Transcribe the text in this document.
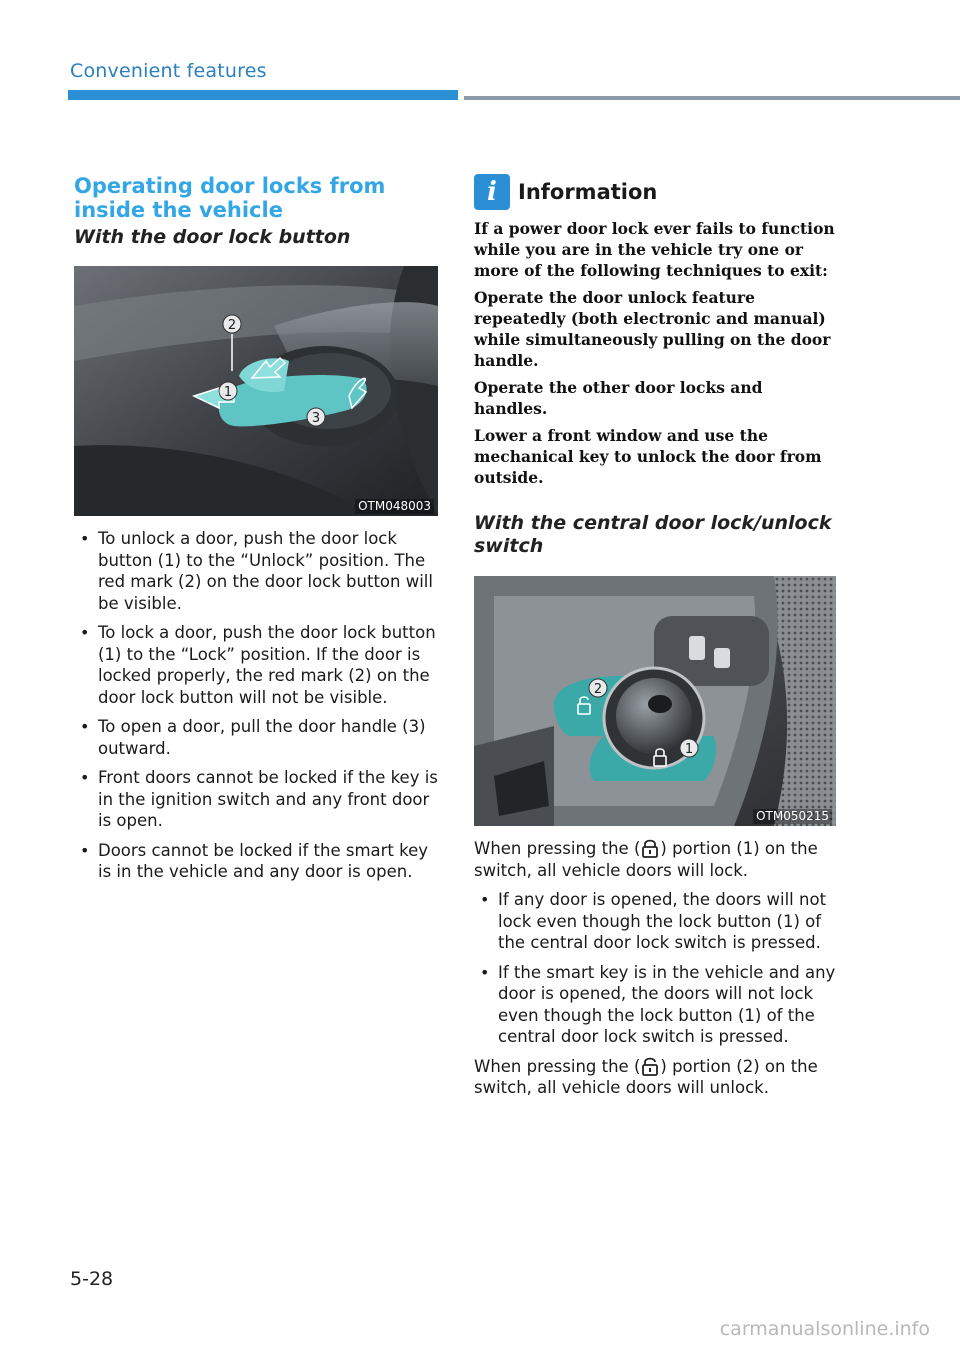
Convenient features
Operating door locks from inside the vehicle
With the door lock button
2
1
3
OTM048003
• To unlock a door, push the door lock button (1) to the “Unlock” position. The red mark (2) on the door lock button will be visible.
• To lock a door, push the door lock button (1) to the “Lock” position. If the door is locked properly, the red mark (2) on the door lock button will not be visible.
• To open a door, pull the door handle (3) outward.
• Front doors cannot be locked if the key is in the ignition switch and any front door is open.
• Doors cannot be locked if the smart key is in the vehicle and any door is open.
i	Information

If a power door lock ever fails to function while you are in the vehicle try one or more of the following techniques to exit:

Operate the door unlock feature repeatedly (both electronic and manual) while simultaneously pulling on the door handle.

Operate the other door locks and handles.

Lower a front window and use the mechanical key to unlock the door from outside.

With the central door lock/unlock switch
2
1
OTM050215

When pressing the ( ) portion (1) on the switch, all vehicle doors will lock.

• If any door is opened, the doors will not lock even though the lock button (1) of the central door lock switch is pressed.
• If the smart key is in the vehicle and any door is opened, the doors will not lock even though the lock button (1) of the central door lock switch is pressed.

When pressing the ( ) portion (2) on the switch, all vehicle doors will unlock.

5-28
carmanualsonline.info
